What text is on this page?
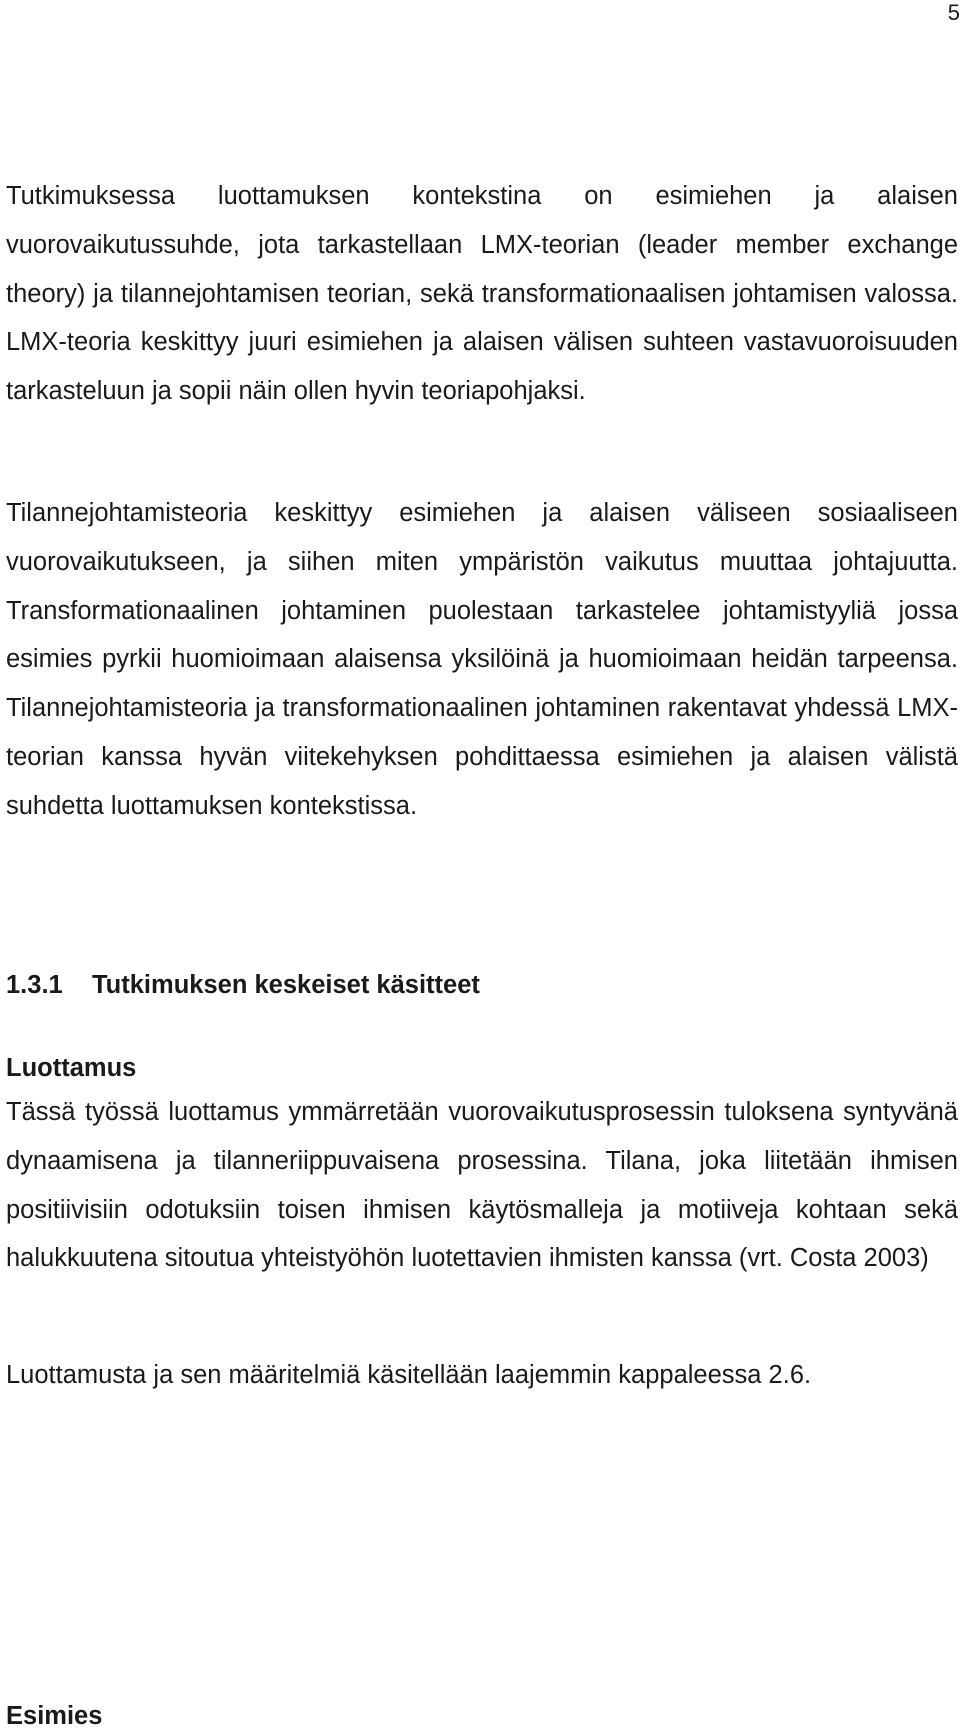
5

Tutkimuksessa luottamuksen kontekstina on esimiehen ja alaisen vuorovaikutussuhde, jota tarkastellaan LMX-teorian (leader member exchange theory) ja tilannejohtamisen teorian, sekä transformationaalisen johtamisen valossa. LMX-teoria keskittyy juuri esimiehen ja alaisen välisen suhteen vastavuoroisuuden tarkasteluun ja sopii näin ollen hyvin teoriapohjaksi.

Tilannejohtamisteoria keskittyy esimiehen ja alaisen väliseen sosiaaliseen vuorovaikutukseen, ja siihen miten ympäristön vaikutus muuttaa johtajuutta. Transformationaalinen johtaminen puolestaan tarkastelee johtamistyyliä jossa esimies pyrkii huomioimaan alaisensa yksilöinä ja huomioimaan heidän tarpeensa. Tilannejohtamisteoria ja transformationaalinen johtaminen rakentavat yhdessä LMX-teorian kanssa hyvän viitekehyksen pohdittaessa esimiehen ja alaisen välistä suhdetta luottamuksen kontekstissa.

1.3.1 Tutkimuksen keskeiset käsitteet
Luottamus

Tässä työssä luottamus ymmärretään vuorovaikutusprosessin tuloksena syntyvänä dynaamisena ja tilanneriippuvaisena prosessina. Tilana, joka liitetään ihmisen positiivisiin odotuksiin toisen ihmisen käytösmalleja ja motiiveja kohtaan sekä halukkuutena sitoutua yhteistyöhön luotettavien ihmisten kanssa (vrt. Costa 2003)

Luottamusta ja sen määritelmiä käsitellään laajemmin kappaleessa 2.6.

Esimies
